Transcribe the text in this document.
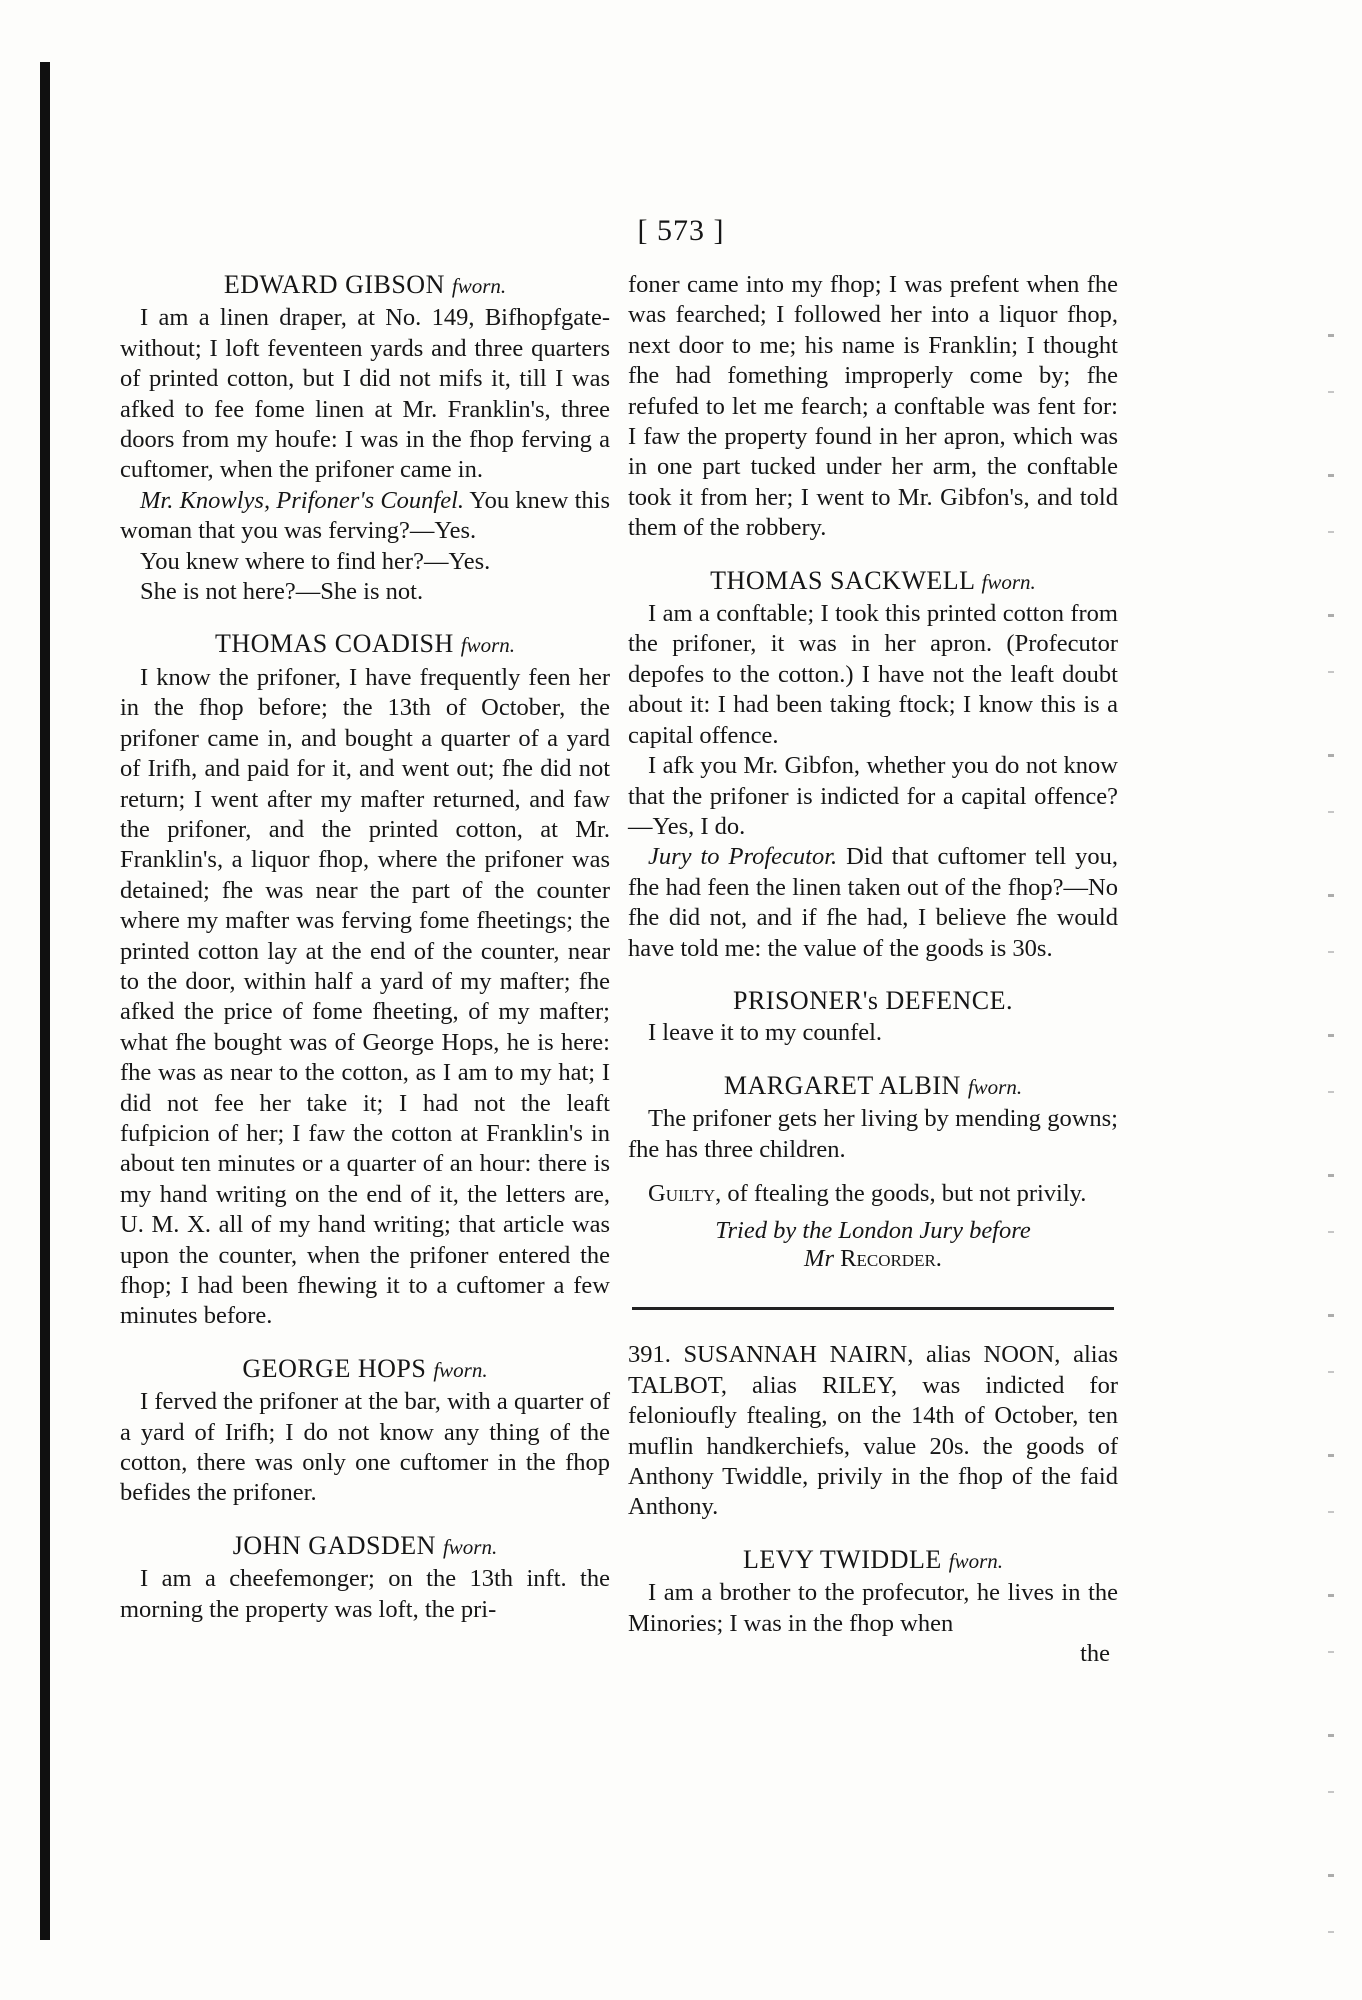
[ 573 ]
EDWARD GIBSON fworn.

I am a linen draper, at No. 149, Bifhopfgate-without; I loft feventeen yards and three quarters of printed cotton, but I did not mifs it, till I was afked to fee fome linen at Mr. Franklin's, three doors from my houfe: I was in the fhop ferving a cuftomer, when the prifoner came in.

Mr. Knowlys, Prifoner's Counfel. You knew this woman that you was ferving?—Yes.

You knew where to find her?—Yes.

She is not here?—She is not.

THOMAS COADISH fworn.

I know the prifoner, I have frequently feen her in the fhop before; the 13th of October, the prifoner came in, and bought a quarter of a yard of Irifh, and paid for it, and went out; fhe did not return; I went after my mafter returned, and faw the prifoner, and the printed cotton, at Mr. Franklin's, a liquor fhop, where the prifoner was detained; fhe was near the part of the counter where my mafter was ferving fome fheetings; the printed cotton lay at the end of the counter, near to the door, within half a yard of my mafter; fhe afked the price of fome fheeting, of my mafter; what fhe bought was of George Hops, he is here: fhe was as near to the cotton, as I am to my hat; I did not fee her take it; I had not the leaft fufpicion of her; I faw the cotton at Franklin's in about ten minutes or a quarter of an hour: there is my hand writing on the end of it, the letters are, U. M. X. all of my hand writing; that article was upon the counter, when the prifoner entered the fhop; I had been fhewing it to a cuftomer a few minutes before.

GEORGE HOPS fworn.

I ferved the prifoner at the bar, with a quarter of a yard of Irifh; I do not know any thing of the cotton, there was only one cuftomer in the fhop befides the prifoner.

JOHN GADSDEN fworn.

I am a cheefemonger; on the 13th inft. the morning the property was loft, the pri-

foner came into my fhop; I was prefent when fhe was fearched; I followed her into a liquor fhop, next door to me; his name is Franklin; I thought fhe had fomething improperly come by; fhe refufed to let me fearch; a conftable was fent for: I faw the property found in her apron, which was in one part tucked under her arm, the conftable took it from her; I went to Mr. Gibfon's, and told them of the robbery.

THOMAS SACKWELL fworn.

I am a conftable; I took this printed cotton from the prifoner, it was in her apron. (Profecutor depofes to the cotton.) I have not the leaft doubt about it: I had been taking ftock; I know this is a capital offence.

I afk you Mr. Gibfon, whether you do not know that the prifoner is indicted for a capital offence?—Yes, I do.

Jury to Profecutor. Did that cuftomer tell you, fhe had feen the linen taken out of the fhop?—No fhe did not, and if fhe had, I believe fhe would have told me: the value of the goods is 30s.

PRISONER's DEFENCE.

I leave it to my counfel.

MARGARET ALBIN fworn.

The prifoner gets her living by mending gowns; fhe has three children.

Guilty, of ftealing the goods, but not privily.

Tried by the London Jury before
Mr Recorder.

391. SUSANNAH NAIRN, alias NOON, alias TALBOT, alias RILEY, was indicted for felonioufly ftealing, on the 14th of October, ten muflin handkerchiefs, value 20s. the goods of Anthony Twiddle, privily in the fhop of the faid Anthony.

LEVY TWIDDLE fworn.

I am a brother to the profecutor, he lives in the Minories; I was in the fhop when

the
